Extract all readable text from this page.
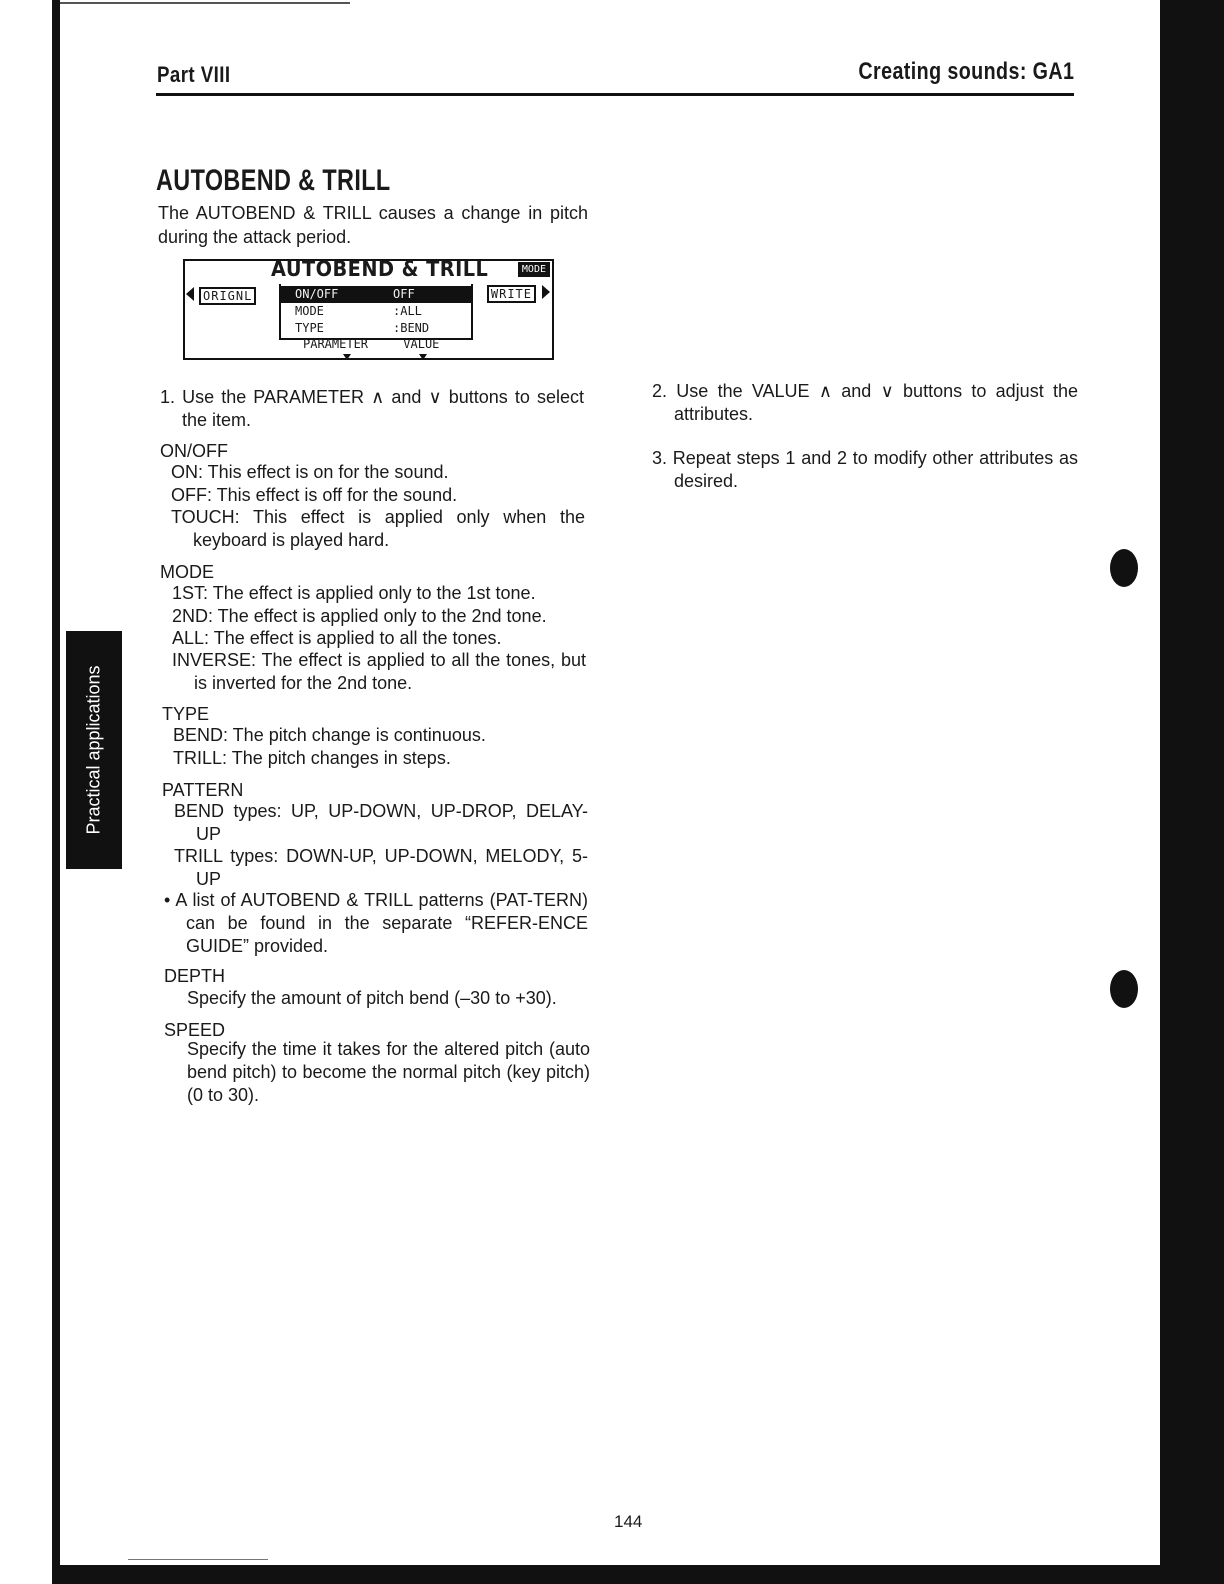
Part VIII	Creating sounds: GA1
AUTOBEND & TRILL
The AUTOBEND & TRILL causes a change in pitch during the attack period.
AUTOBEND & TRILL	MODE
ORIGNL	WRITE
ON/OFF	OFF
MODE	:ALL
TYPE	:BEND
PARAMETER	VALUE
1. Use the PARAMETER ∧ and ∨ buttons to select the item.
ON/OFF
ON: This effect is on for the sound.
OFF: This effect is off for the sound.
TOUCH: This effect is applied only when the keyboard is played hard.
MODE
1ST: The effect is applied only to the 1st tone.
2ND: The effect is applied only to the 2nd tone.
ALL: The effect is applied to all the tones.
INVERSE: The effect is applied to all the tones, but is inverted for the 2nd tone.
TYPE
BEND: The pitch change is continuous.
TRILL: The pitch changes in steps.
PATTERN
BEND types: UP, UP-DOWN, UP-DROP, DELAY-UP
TRILL types: DOWN-UP, UP-DOWN, MELODY, 5-UP
• A list of AUTOBEND & TRILL patterns (PAT-TERN) can be found in the separate “REFER-ENCE GUIDE” provided.
DEPTH
Specify the amount of pitch bend (–30 to +30).
SPEED
Specify the time it takes for the altered pitch (auto bend pitch) to become the normal pitch (key pitch) (0 to 30).
2. Use the VALUE ∧ and ∨ buttons to adjust the attributes.
3. Repeat steps 1 and 2 to modify other attributes as desired.
Practical applications
144
